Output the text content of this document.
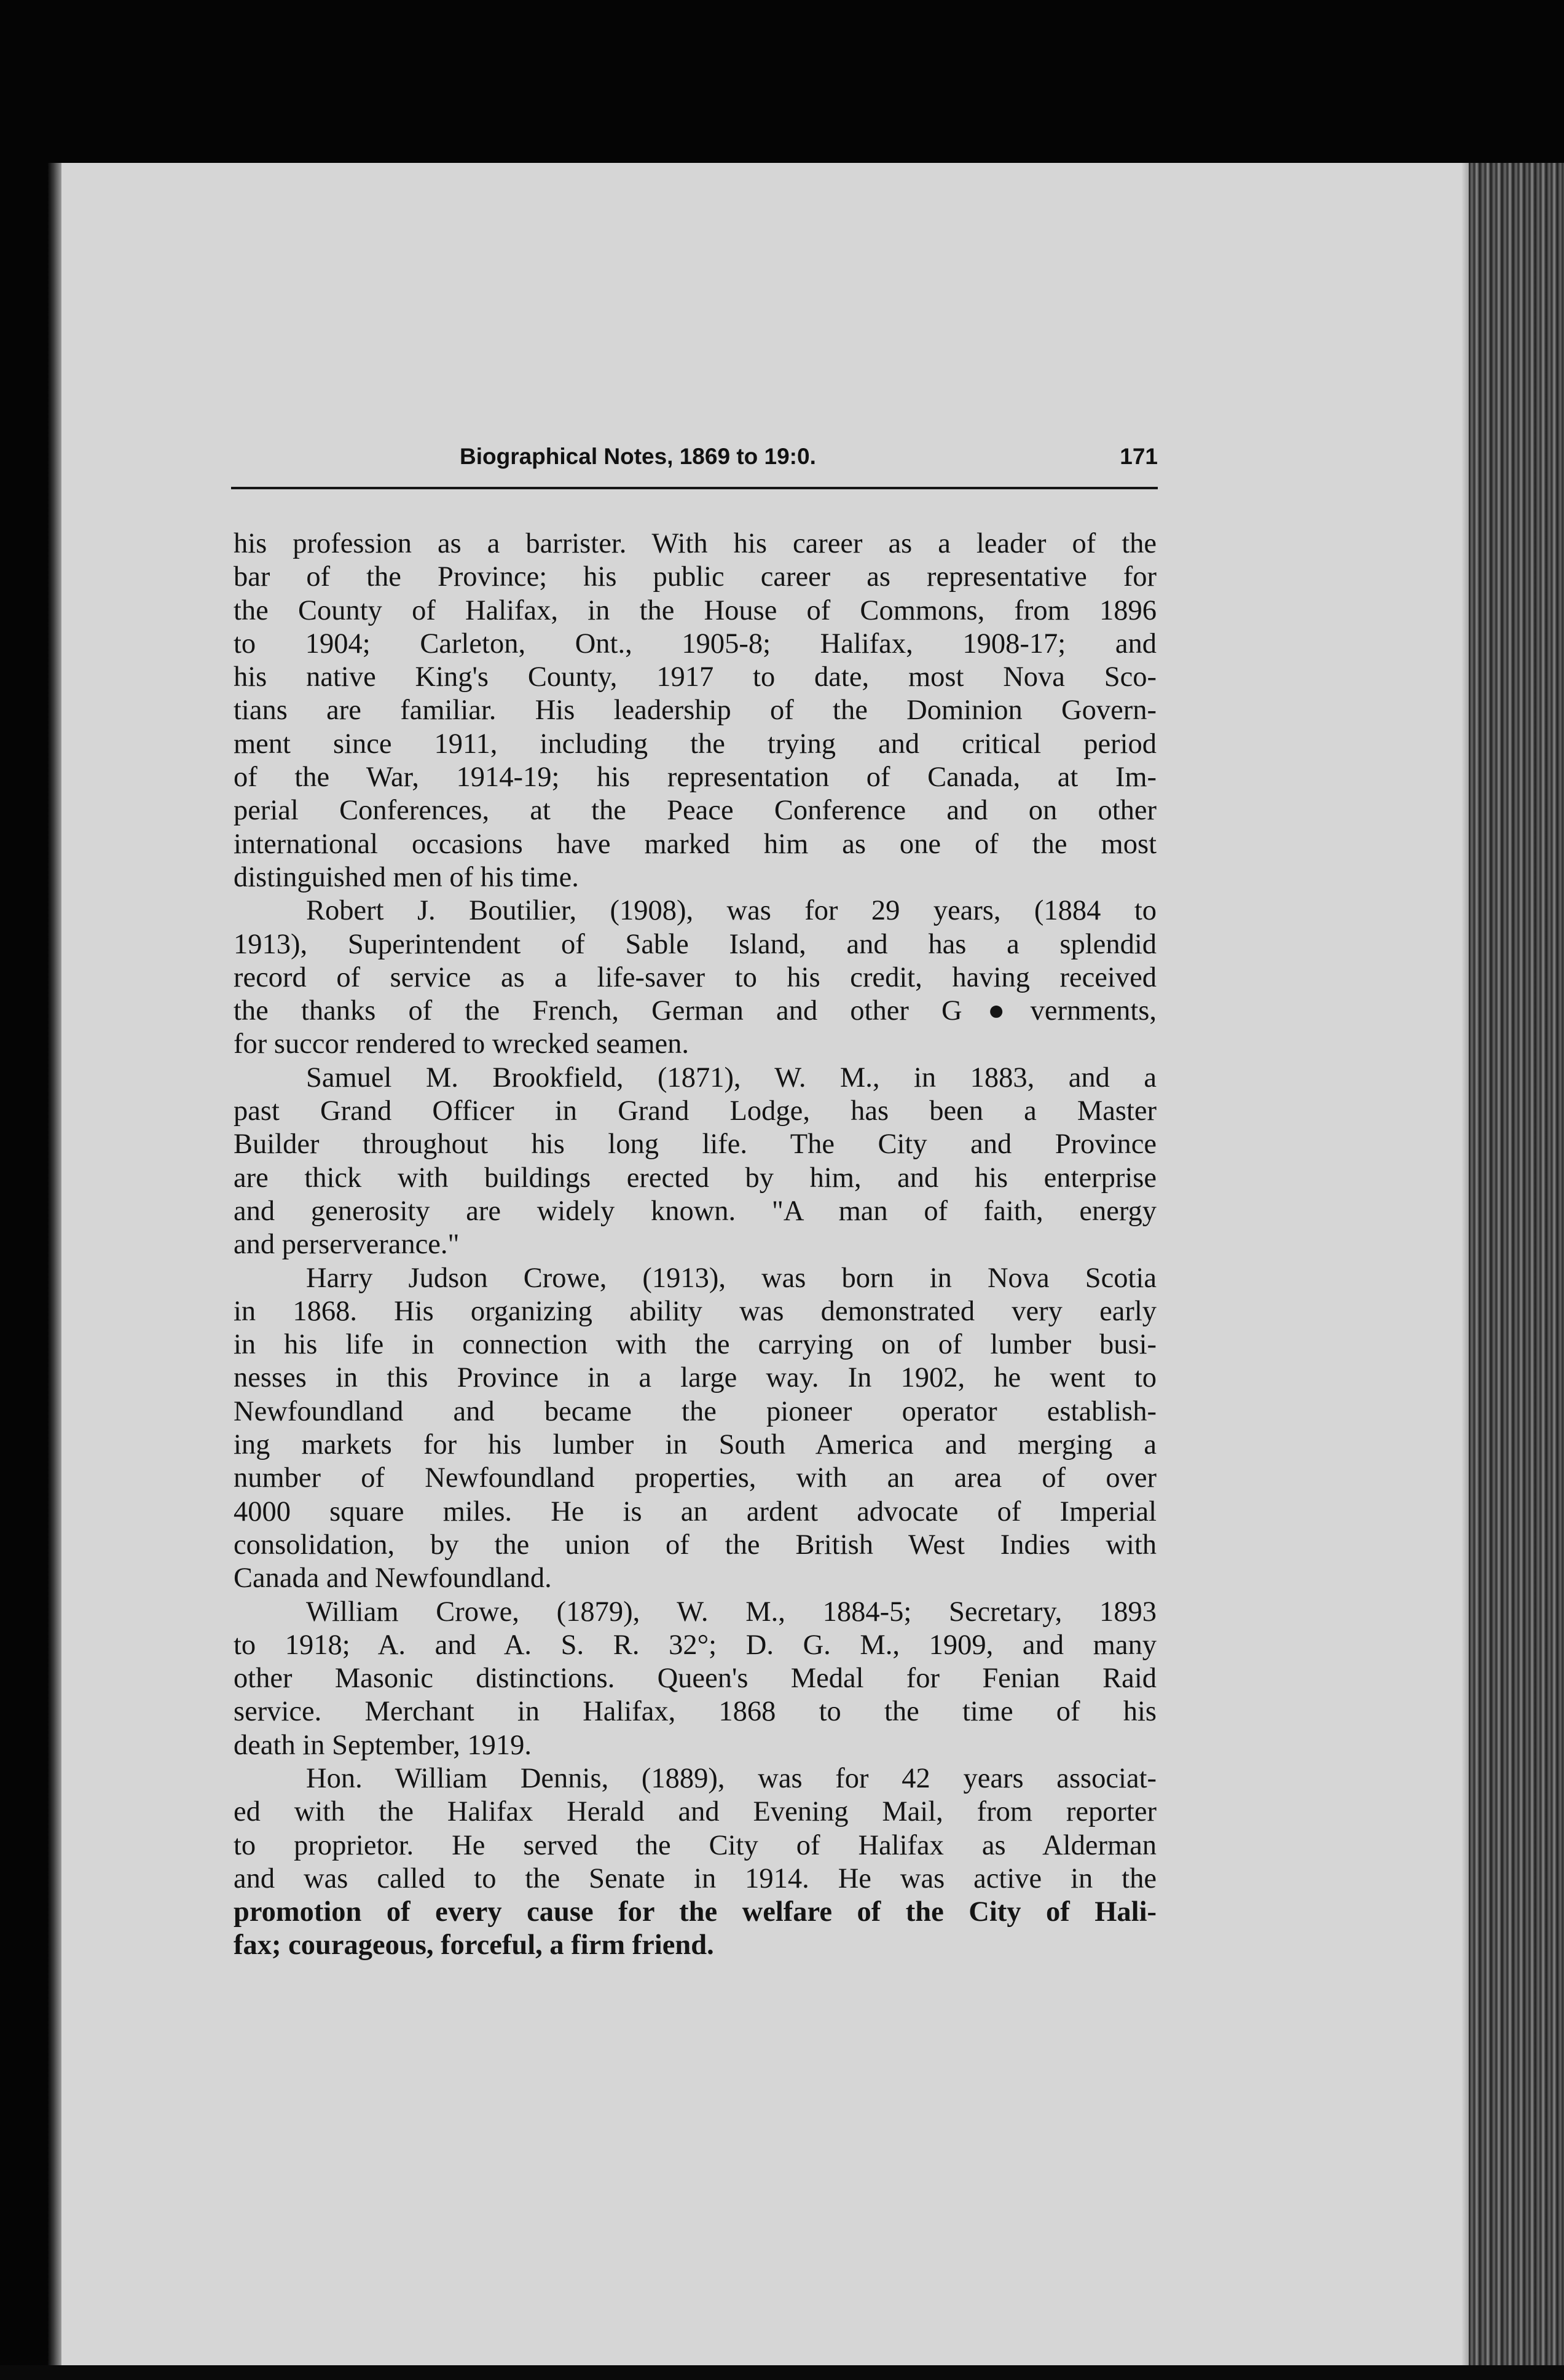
Biographical Notes, 1869 to 19:0.	171
his profession as a barrister. With his career as a leader of the
bar of the Province; his public career as representative for
the County of Halifax, in the House of Commons, from 1896
to 1904; Carleton, Ont., 1905-8; Halifax, 1908-17; and
his native King's County, 1917 to date, most Nova Sco-
tians are familiar. His leadership of the Dominion Govern-
ment since 1911, including the trying and critical period
of the War, 1914-19; his representation of Canada, at Im-
perial Conferences, at the Peace Conference and on other
international occasions have marked him as one of the most
distinguished men of his time.
Robert J. Boutilier, (1908), was for 29 years, (1884 to
1913), Superintendent of Sable Island, and has a splendid
record of service as a life-saver to his credit, having received
the thanks of the French, German and other G●vernments,
for succor rendered to wrecked seamen.
Samuel M. Brookfield, (1871), W. M., in 1883, and a
past Grand Officer in Grand Lodge, has been a Master
Builder throughout his long life. The City and Province
are thick with buildings erected by him, and his enterprise
and generosity are widely known. "A man of faith, energy
and perserverance."
Harry Judson Crowe, (1913), was born in Nova Scotia
in 1868. His organizing ability was demonstrated very early
in his life in connection with the carrying on of lumber busi-
nesses in this Province in a large way. In 1902, he went to
Newfoundland and became the pioneer operator establish-
ing markets for his lumber in South America and merging a
number of Newfoundland properties, with an area of over
4000 square miles. He is an ardent advocate of Imperial
consolidation, by the union of the British West Indies with
Canada and Newfoundland.
William Crowe, (1879), W. M., 1884-5; Secretary, 1893
to 1918; A. and A. S. R. 32°; D. G. M., 1909, and many
other Masonic distinctions. Queen's Medal for Fenian Raid
service. Merchant in Halifax, 1868 to the time of his
death in September, 1919.
Hon. William Dennis, (1889), was for 42 years associat-
ed with the Halifax Herald and Evening Mail, from reporter
to proprietor. He served the City of Halifax as Alderman
and was called to the Senate in 1914. He was active in the
promotion of every cause for the welfare of the City of Hali-
fax; courageous, forceful, a firm friend.
